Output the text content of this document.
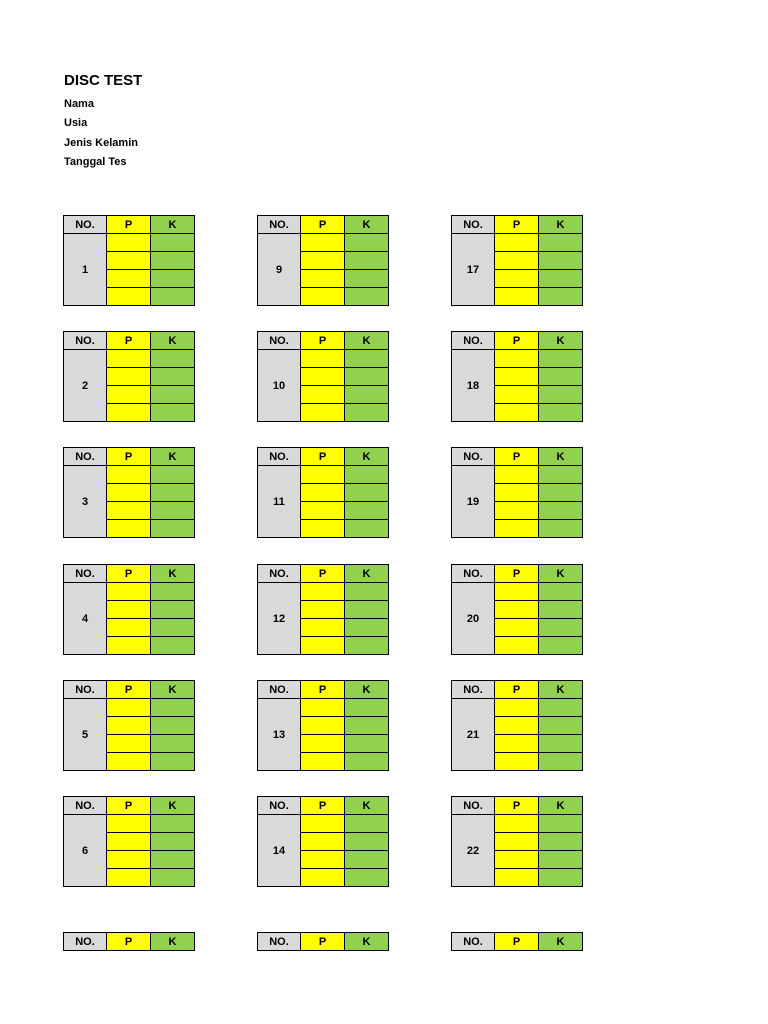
DISC TEST
Nama
Usia
Jenis Kelamin
Tanggal Tes
NO.	P	K
1		

NO.	P	K
2		

NO.	P	K
3		

NO.	P	K
4		

NO.	P	K
5		

NO.	P	K
6		

NO.	P	K
NO.	P	K
9		

NO.	P	K
10		

NO.	P	K
11		

NO.	P	K
12		

NO.	P	K
13		

NO.	P	K
14		

NO.	P	K
NO.	P	K
17		

NO.	P	K
18		

NO.	P	K
19		

NO.	P	K
20		

NO.	P	K
21		

NO.	P	K
22		

NO.	P	K
